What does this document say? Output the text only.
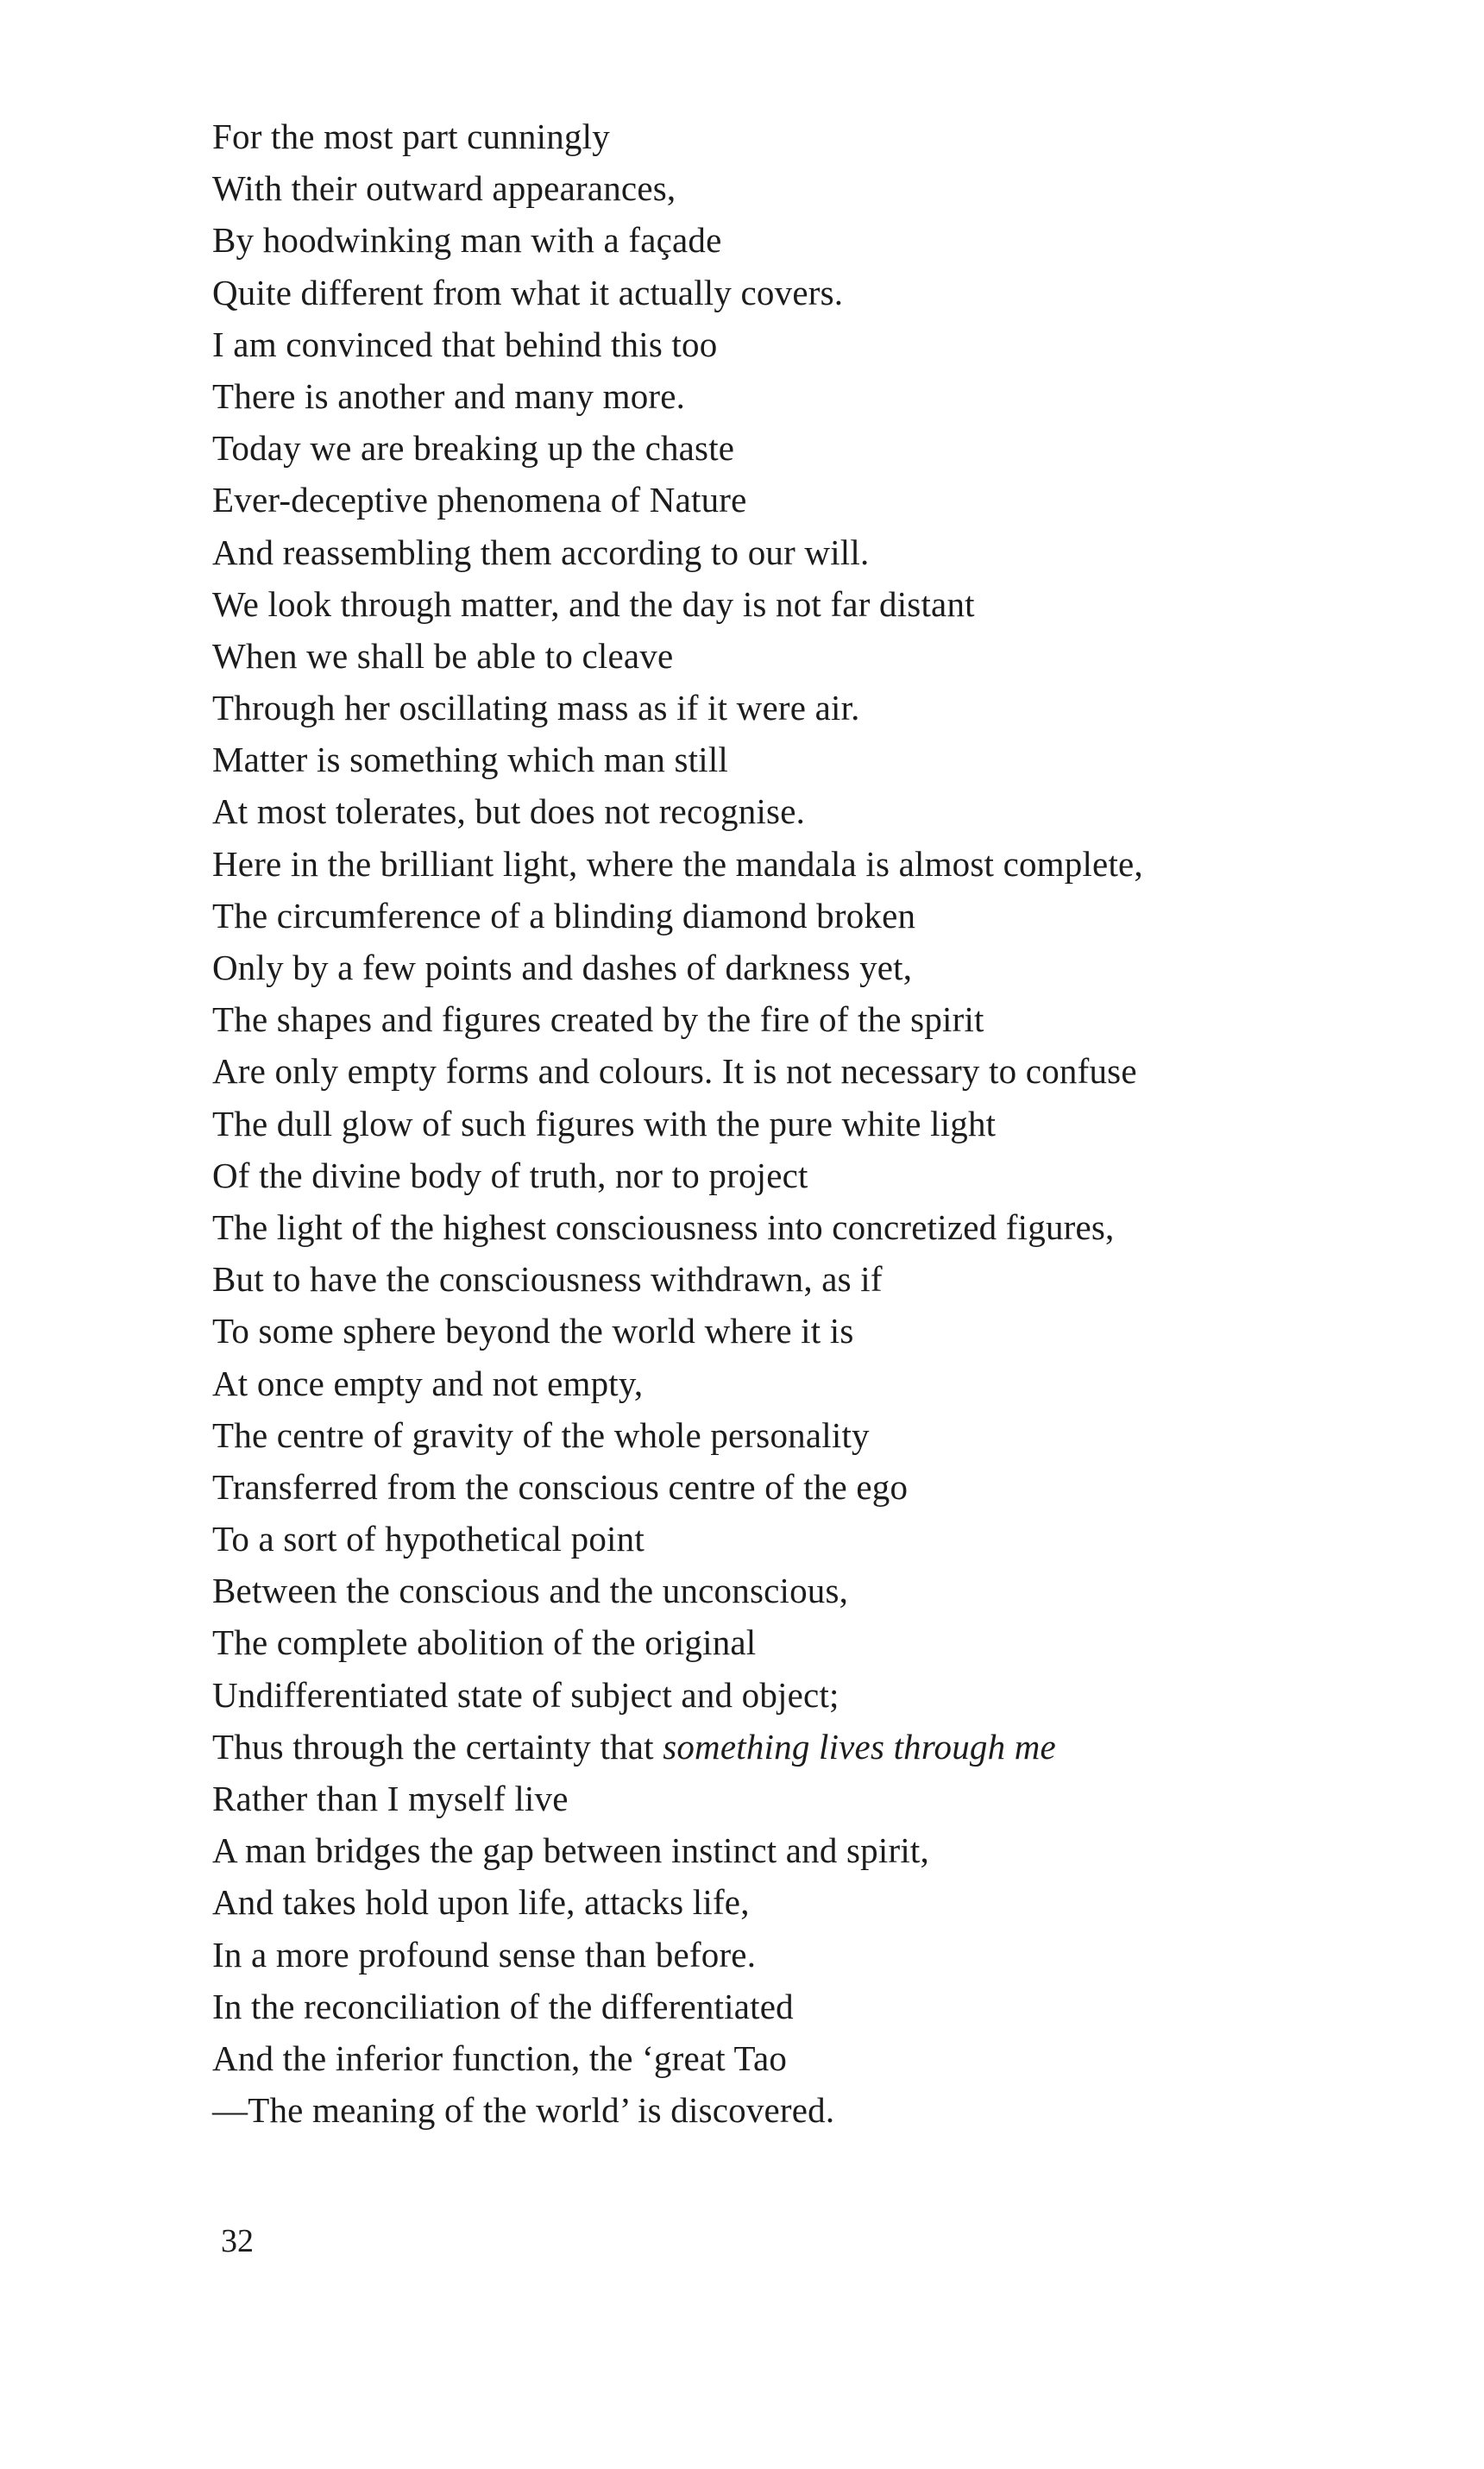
For the most part cunningly
With their outward appearances,
By hoodwinking man with a façade
Quite different from what it actually covers.
I am convinced that behind this too
There is another and many more.
Today we are breaking up the chaste
Ever-deceptive phenomena of Nature
And reassembling them according to our will.
We look through matter, and the day is not far distant
When we shall be able to cleave
Through her oscillating mass as if it were air.
Matter is something which man still
At most tolerates, but does not recognise.
Here in the brilliant light, where the mandala is almost complete,
The circumference of a blinding diamond broken
Only by a few points and dashes of darkness yet,
The shapes and figures created by the fire of the spirit
Are only empty forms and colours. It is not necessary to confuse
The dull glow of such figures with the pure white light
Of the divine body of truth, nor to project
The light of the highest consciousness into concretized figures,
But to have the consciousness withdrawn, as if
To some sphere beyond the world where it is
At once empty and not empty,
The centre of gravity of the whole personality
Transferred from the conscious centre of the ego
To a sort of hypothetical point
Between the conscious and the unconscious,
The complete abolition of the original
Undifferentiated state of subject and object;
Thus through the certainty that something lives through me
Rather than I myself live
A man bridges the gap between instinct and spirit,
And takes hold upon life, attacks life,
In a more profound sense than before.
In the reconciliation of the differentiated
And the inferior function, the ‘great Tao
—The meaning of the world’ is discovered.

32
